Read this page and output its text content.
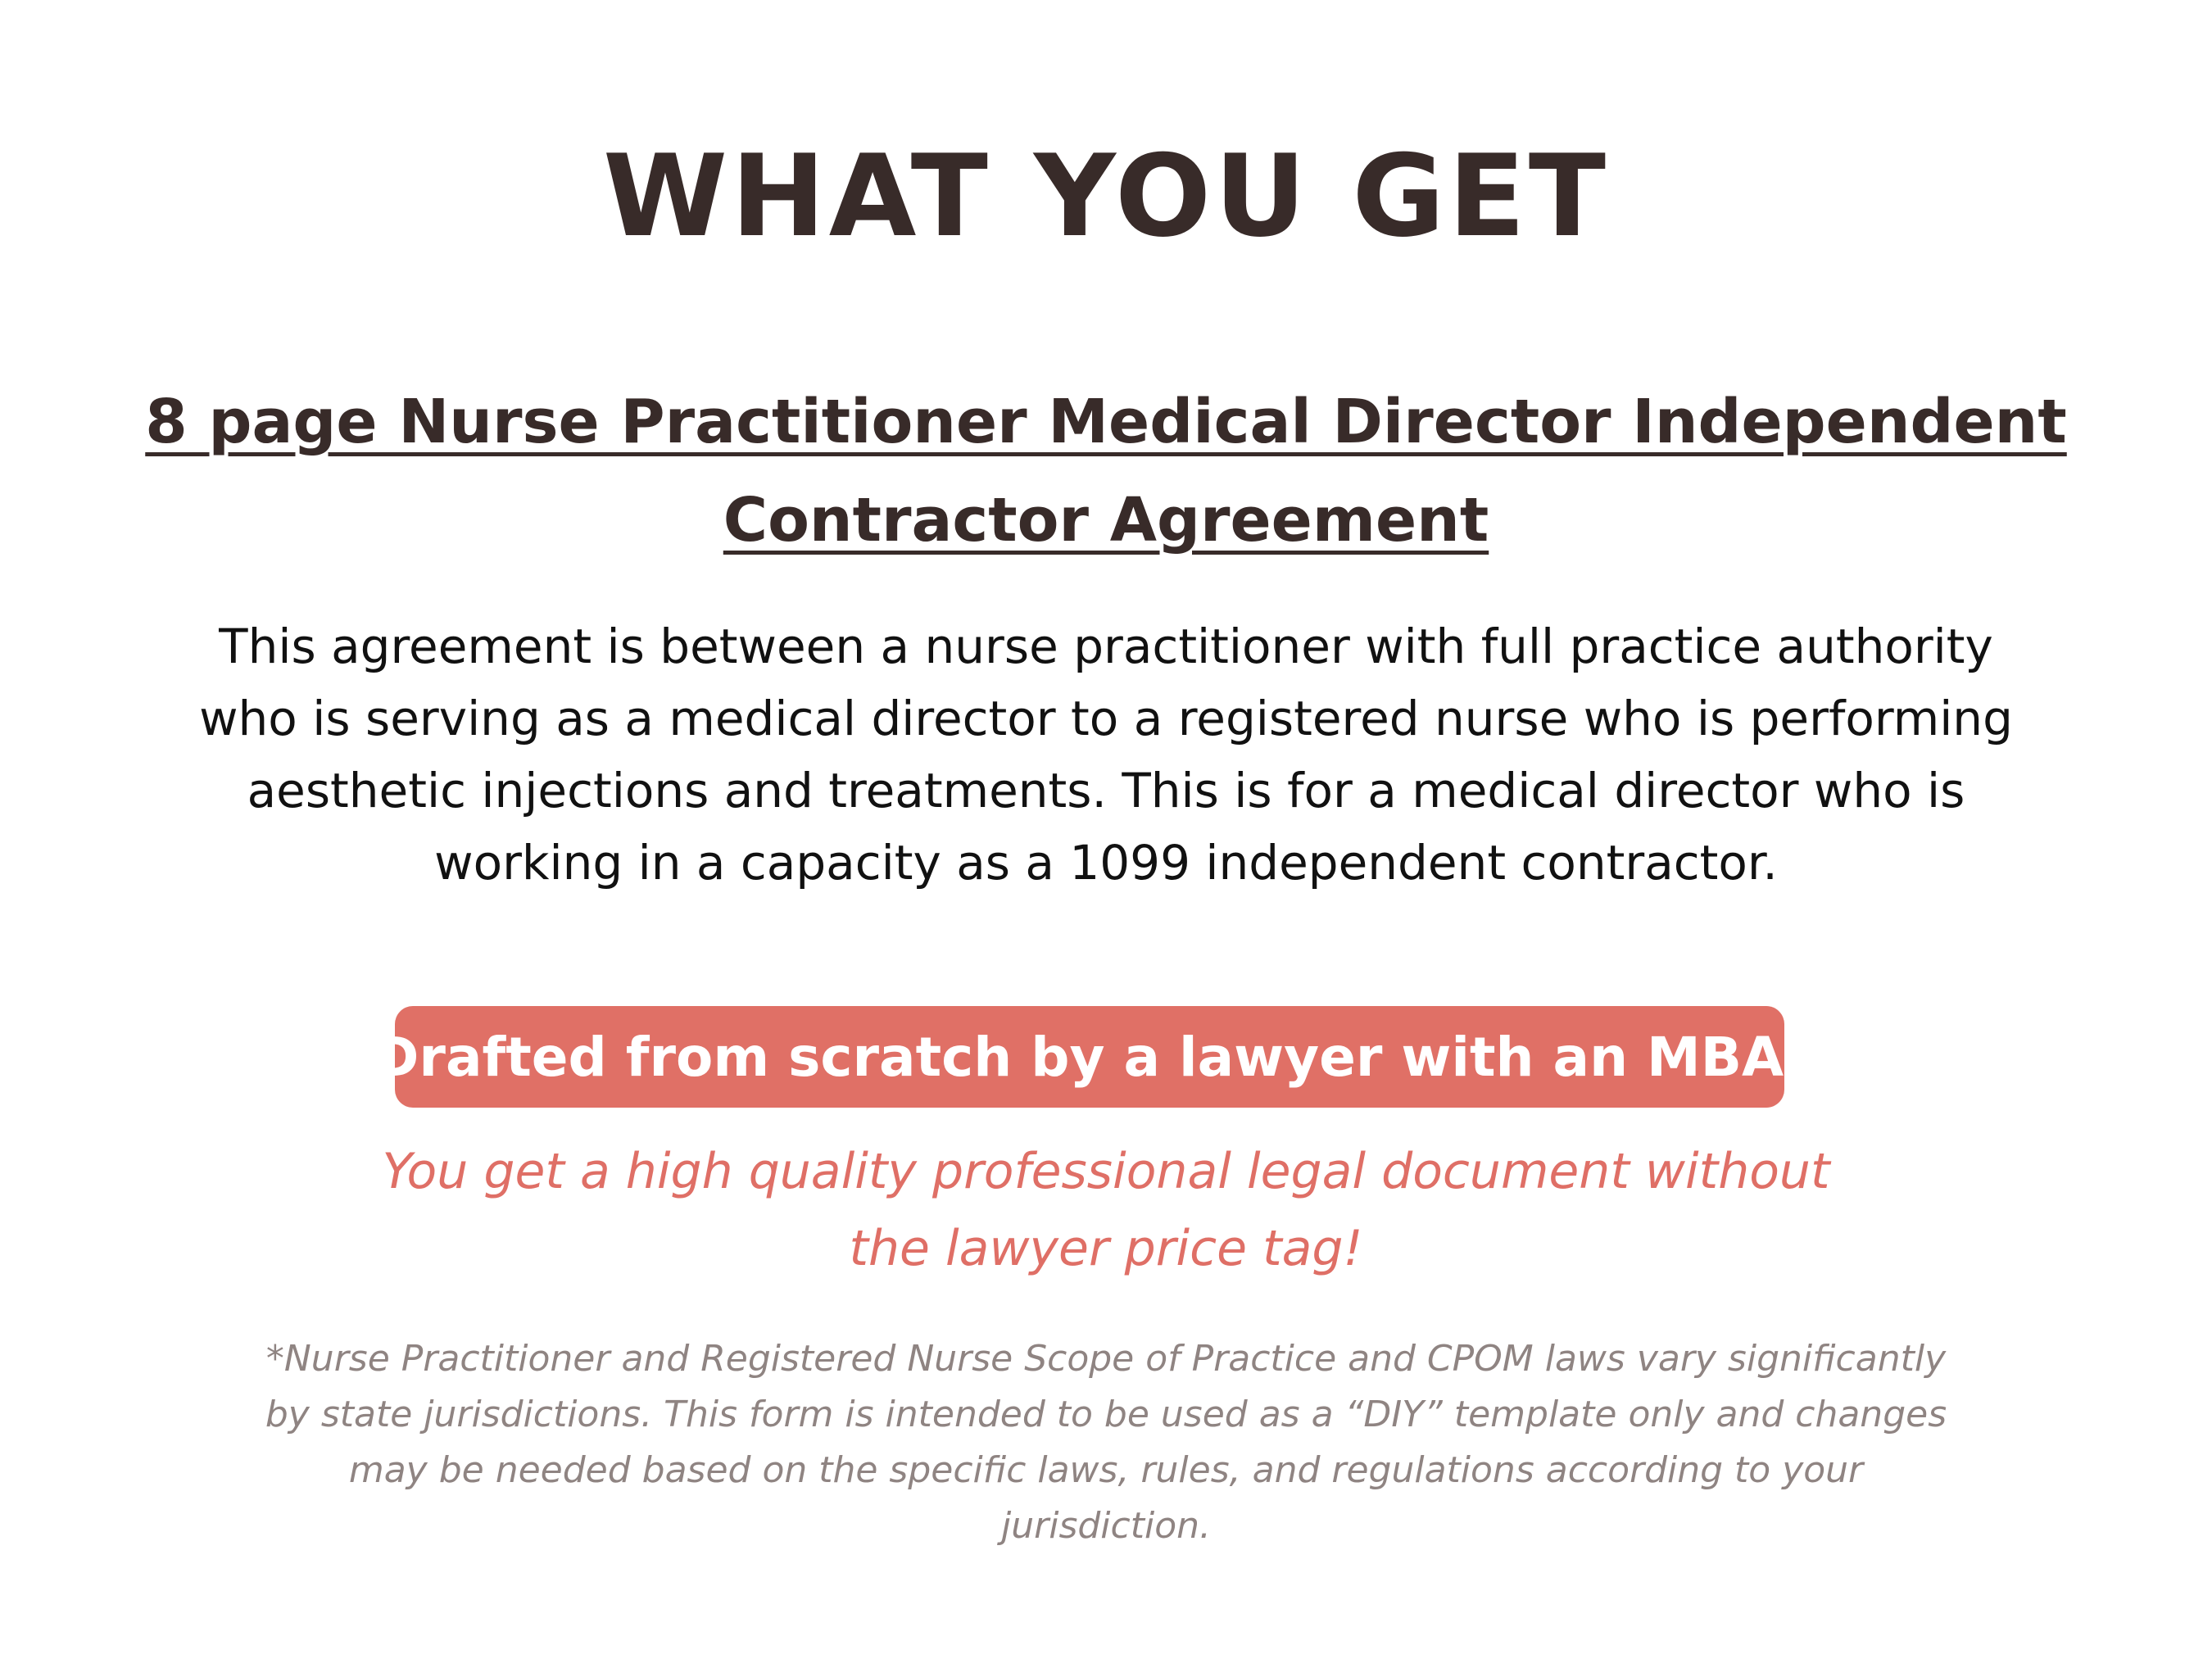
WHAT YOU GET
8 page Nurse Practitioner Medical Director Independent Contractor Agreement

This agreement is between a nurse practitioner with full practice authority who is serving as a medical director to a registered nurse who is performing aesthetic injections and treatments. This is for a medical director who is working in a capacity as a 1099 independent contractor.

Drafted from scratch by a lawyer with an MBA.

You get a high quality professional legal document without the lawyer price tag!

*Nurse Practitioner and Registered Nurse Scope of Practice and CPOM laws vary significantly by state jurisdictions. This form is intended to be used as a “DIY” template only and changes may be needed based on the specific laws, rules, and regulations according to your jurisdiction.
